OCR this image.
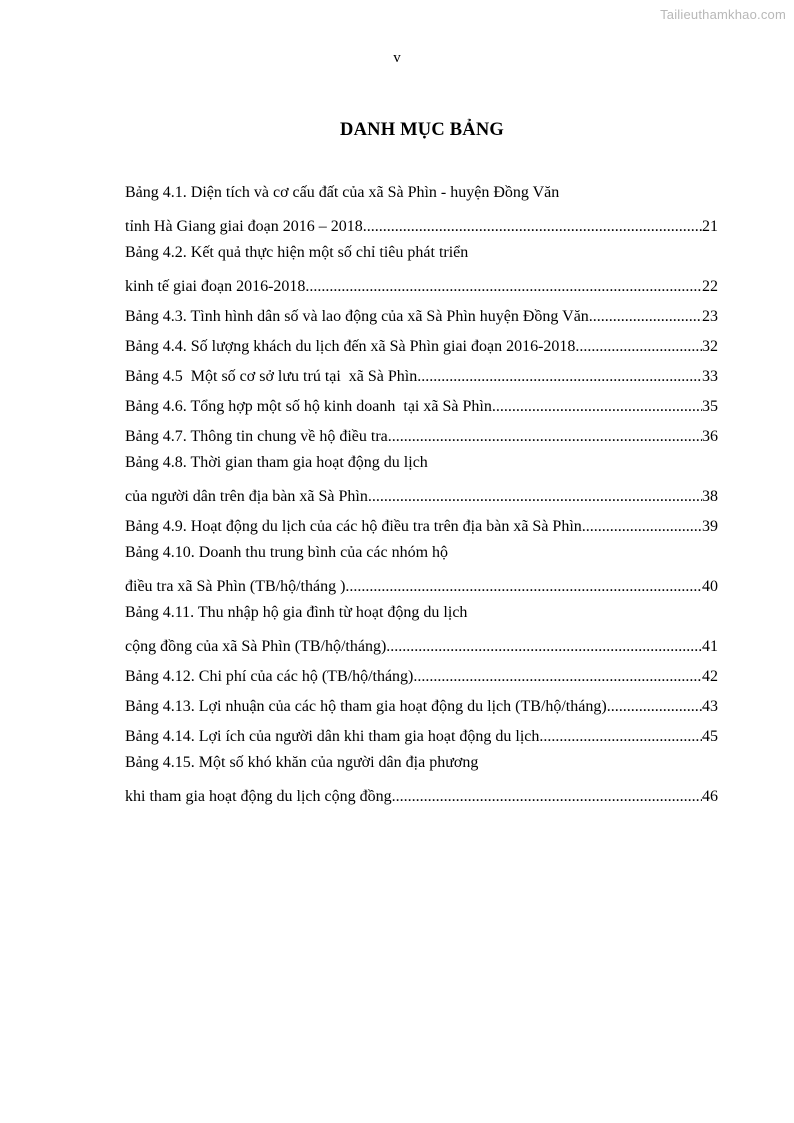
Tailieuthamkhao.com
v
DANH MỤC BẢNG
Bảng 4.1. Diện tích và cơ cấu đất của xã Sà Phìn - huyện Đồng Văn
tỉnh Hà Giang giai đoạn 2016 – 2018 .....	21
Bảng 4.2. Kết quả thực hiện một số chỉ tiêu phát triển
kinh tế giai đoạn 2016-2018 .....	22
Bảng 4.3. Tình hình dân số và lao động của xã Sà Phìn huyện Đồng Văn .....	23
Bảng 4.4. Số lượng khách du lịch đến xã Sà Phìn giai đoạn 2016-2018 .....	32
Bảng 4.5  Một số cơ sở lưu trú tại  xã Sà Phìn .....	33
Bảng 4.6. Tổng hợp một số hộ kinh doanh  tại xã Sà Phìn .....	35
Bảng 4.7. Thông tin chung về hộ điều tra .....	36
Bảng 4.8. Thời gian tham gia hoạt động du lịch
của người dân trên địa bàn xã Sà Phìn .....	38
Bảng 4.9. Hoạt động du lịch của các hộ điều tra trên địa bàn xã Sà Phìn .....	39
Bảng 4.10. Doanh thu trung bình của các nhóm hộ
điều tra xã Sà Phìn (TB/hộ/tháng ) .....	40
Bảng 4.11. Thu nhập hộ gia đình từ hoạt động du lịch
cộng đồng của xã Sà Phìn (TB/hộ/tháng) .....	41
Bảng 4.12. Chi phí của các hộ (TB/hộ/tháng) .....	42
Bảng 4.13. Lợi nhuận của các hộ tham gia hoạt động du lịch (TB/hộ/tháng) .....	43
Bảng 4.14. Lợi ích của người dân khi tham gia hoạt động du lịch .....	45
Bảng 4.15. Một số khó khăn của người dân địa phương
khi tham gia hoạt động du lịch cộng đồng .....	46
